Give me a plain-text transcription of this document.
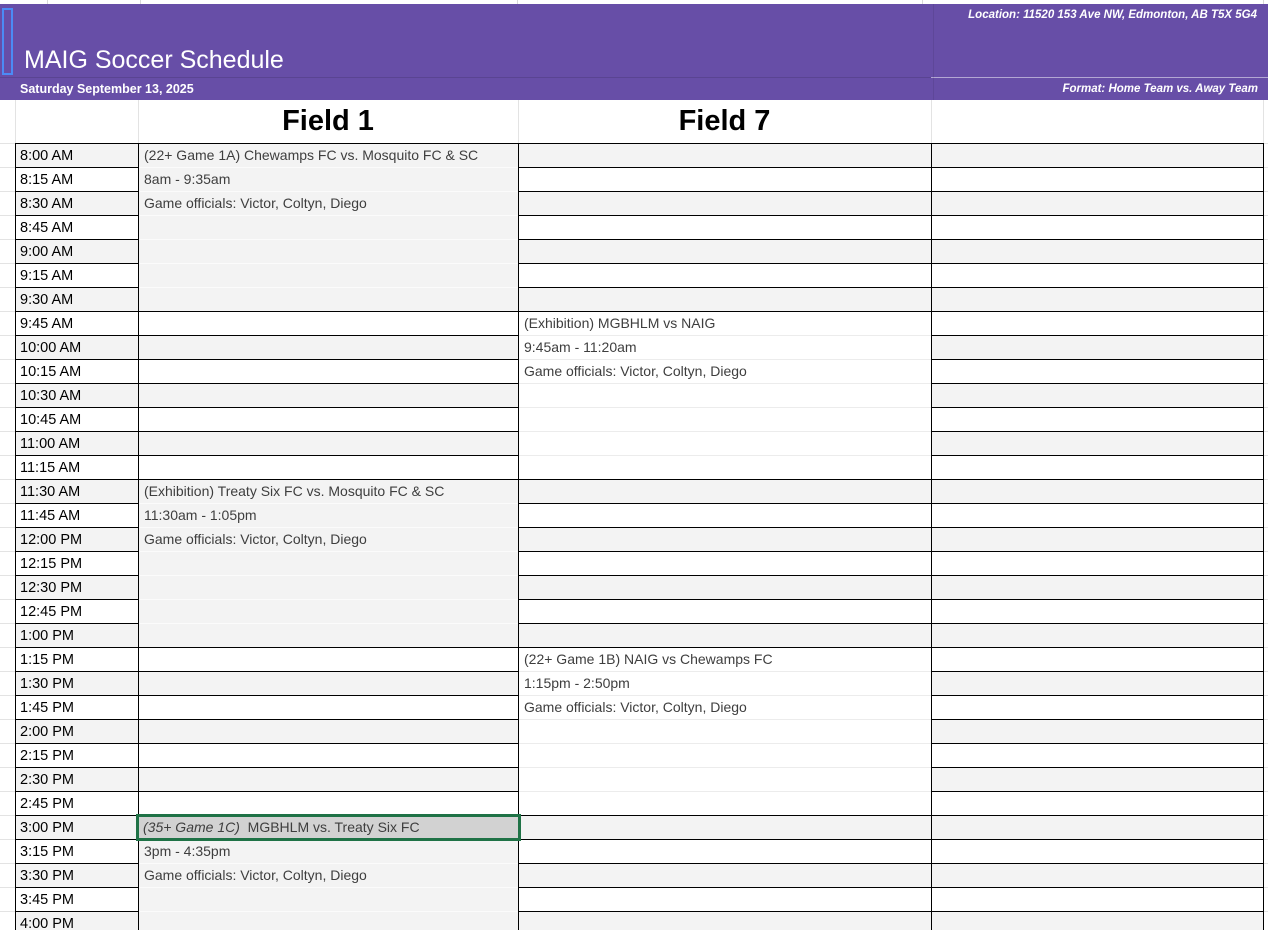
MAIG Soccer Schedule
Location: 11520 153 Ave NW, Edmonton, AB T5X 5G4
Saturday September 13, 2025	Format: Home Team vs. Away Team
Field 1	Field 7
8:00 AM
8:15 AM
8:30 AM
8:45 AM
9:00 AM
9:15 AM
9:30 AM
9:45 AM
10:00 AM
10:15 AM
10:30 AM
10:45 AM
11:00 AM
11:15 AM
11:30 AM
11:45 AM
12:00 PM
12:15 PM
12:30 PM
12:45 PM
1:00 PM
1:15 PM
1:30 PM
1:45 PM
2:00 PM
2:15 PM
2:30 PM
2:45 PM
3:00 PM
3:15 PM
3:30 PM
3:45 PM
4:00 PM
(22+ Game 1A) Chewamps FC vs. Mosquito FC & SC
8am - 9:35am
Game officials: Victor, Coltyn, Diego
(Exhibition) MGBHLM vs NAIG
9:45am - 11:20am
Game officials: Victor, Coltyn, Diego
(Exhibition) Treaty Six FC vs. Mosquito FC & SC
11:30am - 1:05pm
Game officials: Victor, Coltyn, Diego
(22+ Game 1B) NAIG vs Chewamps FC
1:15pm - 2:50pm
Game officials: Victor, Coltyn, Diego
3pm - 4:35pm
Game officials: Victor, Coltyn, Diego
(35+ Game 1C)  MGBHLM vs. Treaty Six FC
